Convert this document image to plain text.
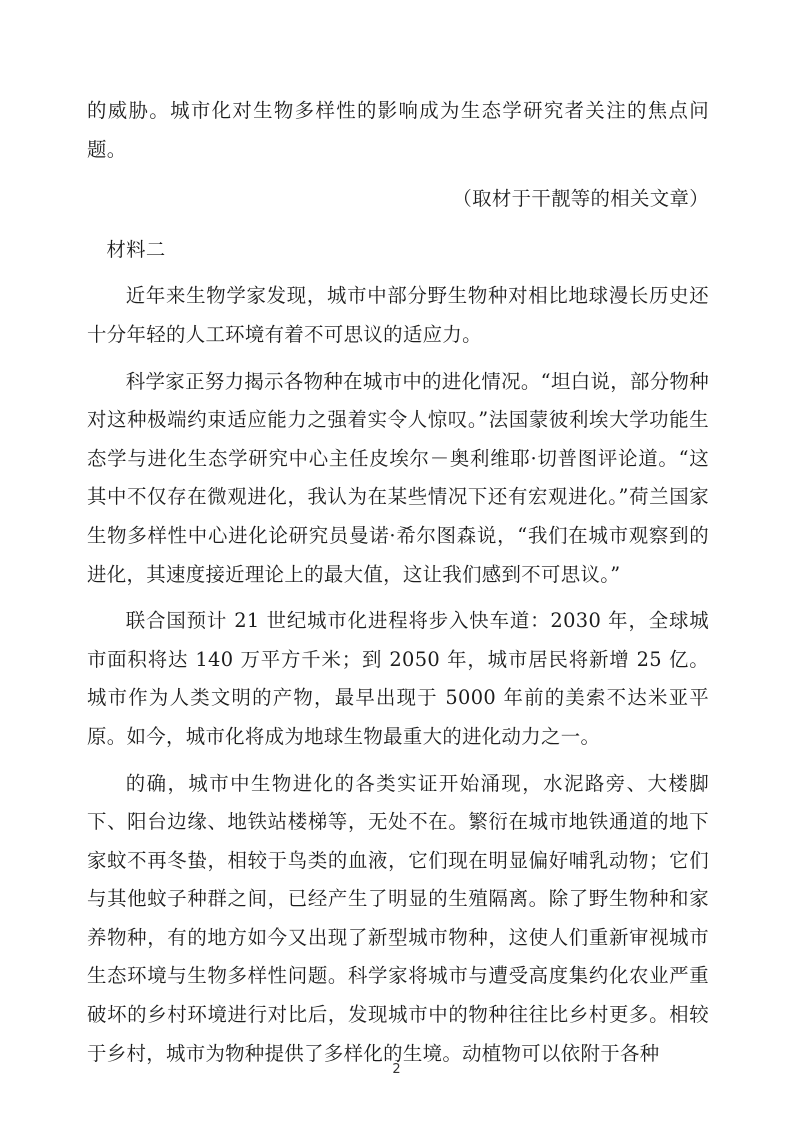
的威胁。城市化对生物多样性的影响成为生态学研究者关注的焦点问题。

（取材于干靓等的相关文章）

材料二

近年来生物学家发现，城市中部分野生物种对相比地球漫长历史还十分年轻的人工环境有着不可思议的适应力。

科学家正努力揭示各物种在城市中的进化情况。“坦白说，部分物种对这种极端约束适应能力之强着实令人惊叹。”法国蒙彼利埃大学功能生态学与进化生态学研究中心主任皮埃尔－奥利维耶·切普图评论道。“这其中不仅存在微观进化，我认为在某些情况下还有宏观进化。”荷兰国家生物多样性中心进化论研究员曼诺·希尔图森说，“我们在城市观察到的进化，其速度接近理论上的最大值，这让我们感到不可思议。”

联合国预计 21 世纪城市化进程将步入快车道：2030 年，全球城市面积将达 140 万平方千米；到 2050 年，城市居民将新增 25 亿。城市作为人类文明的产物，最早出现于 5000 年前的美索不达米亚平原。如今，城市化将成为地球生物最重大的进化动力之一。

的确，城市中生物进化的各类实证开始涌现，水泥路旁、大楼脚下、阳台边缘、地铁站楼梯等，无处不在。繁衍在城市地铁通道的地下家蚊不再冬蛰，相较于鸟类的血液，它们现在明显偏好哺乳动物；它们与其他蚊子种群之间，已经产生了明显的生殖隔离。除了野生物种和家养物种，有的地方如今又出现了新型城市物种，这使人们重新审视城市生态环境与生物多样性问题。科学家将城市与遭受高度集约化农业严重破坏的乡村环境进行对比后，发现城市中的物种往往比乡村更多。相较于乡村，城市为物种提供了多样化的生境。动植物可以依附于各种

2
